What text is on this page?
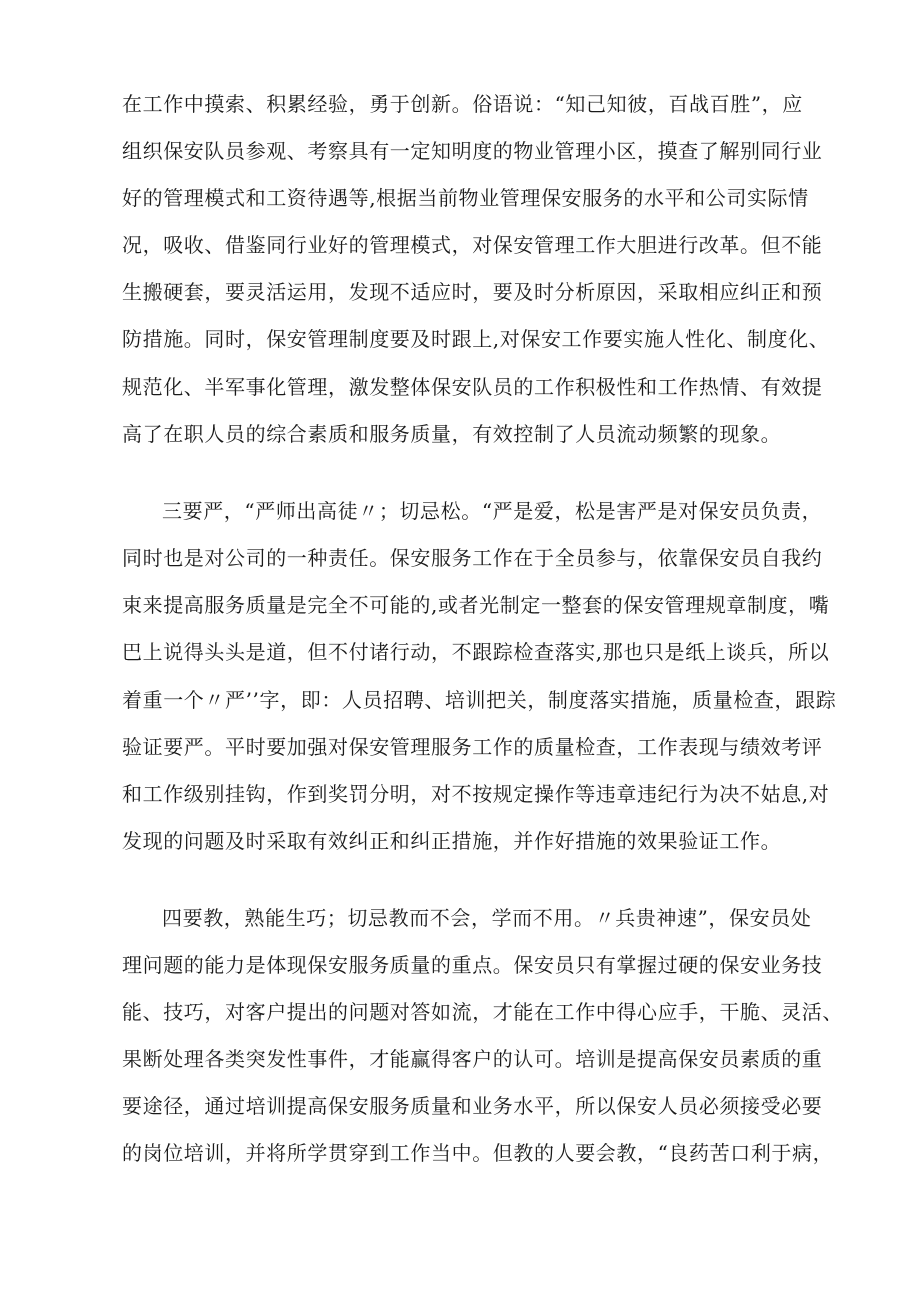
在工作中摸索、积累经验，勇于创新。俗语说：“知己知彼，百战百胜”，应
组织保安队员参观、考察具有一定知明度的物业管理小区，摸查了解别同行业
好的管理模式和工资待遇等,根据当前物业管理保安服务的水平和公司实际情
况，吸收、借鉴同行业好的管理模式，对保安管理工作大胆进行改革。但不能
生搬硬套，要灵活运用，发现不适应时，要及时分析原因，采取相应纠正和预
防措施。同时，保安管理制度要及时跟上,对保安工作要实施人性化、制度化、
规范化、半军事化管理，激发整体保安队员的工作积极性和工作热情、有效提
高了在职人员的综合素质和服务质量，有效控制了人员流动频繁的现象。
三要严，“严师出高徒〃；切忌松。“严是爱，松是害严是对保安员负责，
同时也是对公司的一种责任。保安服务工作在于全员参与，依靠保安员自我约
束来提高服务质量是完全不可能的,或者光制定一整套的保安管理规章制度，嘴
巴上说得头头是道，但不付诸行动，不跟踪检查落实,那也只是纸上谈兵，所以
着重一个〃严’’字，即：人员招聘、培训把关，制度落实措施，质量检查，跟踪
验证要严。平时要加强对保安管理服务工作的质量检查，工作表现与绩效考评
和工作级别挂钩，作到奖罚分明，对不按规定操作等违章违纪行为决不姑息,对
发现的问题及时采取有效纠正和纠正措施，并作好措施的效果验证工作。
四要教，熟能生巧；切忌教而不会，学而不用。〃兵贵神速”，保安员处
理问题的能力是体现保安服务质量的重点。保安员只有掌握过硬的保安业务技
能、技巧，对客户提出的问题对答如流，才能在工作中得心应手，干脆、灵活、
果断处理各类突发性事件，才能赢得客户的认可。培训是提高保安员素质的重
要途径，通过培训提高保安服务质量和业务水平，所以保安人员必须接受必要
的岗位培训，并将所学贯穿到工作当中。但教的人要会教，“良药苦口利于病，
